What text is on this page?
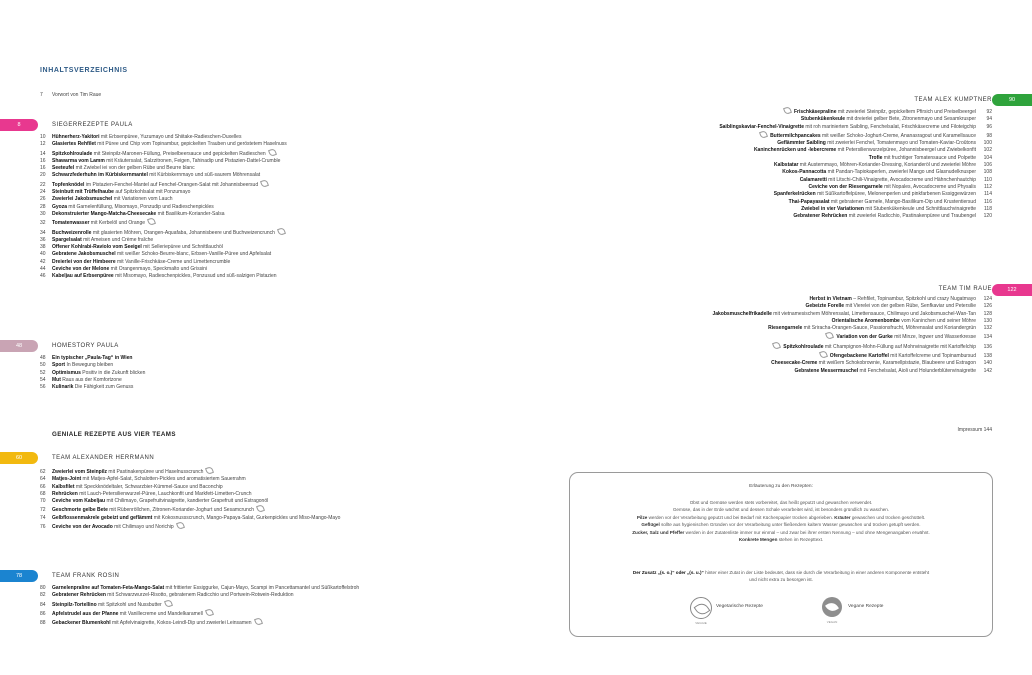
INHALTSVERZEICHNIS
7 Vorwort von Tim Raue
8	SIEGERREZEPTE PAULA
10 Hühnerherz-Yakitori mit Erbsenpüree, Yuzumayo und Shiitake-Radieschen-Duxelles
12 Glasiertes Rehfilet mit Püree und Chip vom Topinambur, gepickelten Trauben und geröstetem Haselnuss
14 Spitzkohlroulade mit Steinpilz-Maronen-Füllung, Preiselbeersauce und gepickelten Radieschen
16 Shawarma vom Lamm mit Kräutersalat, Salzzitronen, Feigen, Tahinadip und Pistazien-Dattel-Crumble
16 Seeteufel mit Zwiebel iei von der gelben Rübe und Beurre blanc
20 Schwarzfederhuhn im Kürbiskernmantel mit Kürbiskernmayo und süß-saurem Möhrensalat
22 Topfenknödel im Pistazien-Fenchel-Mantel auf Fenchel-Orangen-Salat mit Johannisbeersud
24 Steinbutt mit Trüffelhaube auf Spitzkohlsalat mit Ponzumayo
26 Zweierlei Jakobsmuschel mit Variationen vom Lauch
28 Gyoza mit Garnelenfüllung, Misomayo, Ponzudip und Radieschenpickles
30 Dekonstruierter Mango-Matcha-Cheesecake mit Basilikum-Koriander-Salsa
32 Tomatenwasser mit Kerbelöl und Orange
34 Buchweizenrolle mit glasierten Möhren, Orangen-Aquafaba, Johannisbeere und Buchweizencrunch
36 Spargelsalat mit Ameisen und Crème fraîche
38 Offener Kohlrabi-Raviolo vom Seeigel mit Selleriepüree und Schnittlauchöl
40 Gebratene Jakobsmuschel mit weißer Schoko-Beurre-blanc, Erbsen-Vanille-Püree und Apfelsalat
42 Dreierlei von der Himbeere mit Vanille-Frischkäse-Creme und Limettencrumble
44 Ceviche von der Melone mit Orangenmayo, Speckmalto und Grissini
46 Kabeljau auf Erbsenpüree mit Misomayo, Radieschenpickles, Ponzusud und süß-salzigen Pistazien
48	HOMESTORY PAULA
48 Ein typischer „Paula-Tag“ in Wien
50 Sport In Bewegung bleiben
52 Optimismus Positiv in die Zukunft blicken
54 Mut Raus aus der Komfortzone
56 Kulinarik Die Fähigkeit zum Genuss
GENIALE REZEPTE AUS VIER TEAMS
60	TEAM ALEXANDER HERRMANN
62 Zweierlei vom Steinpilz mit Pastinakenpüree und Haselnusscrunch
64 Matjes-Joint mit Matjes-Apfel-Salat, Schalotten-Pickles und aromatisiertem Sauerrahm
66 Kalbsfilet mit Speckknödeltaler, Schwarzbier-Kümmel-Sauce und Baconchip
68 Rehrücken mit Lauch-Petersilienwurzel-Püree, Lauchkonfit und Markfett-Limetten-Crunch
70 Ceviche vom Kabeljau mit Chilimayo, Grapefruitvinaigrette, kandierter Grapefruit und Estragonöl
72 Geschmorte gelbe Bete mit Rübenröllchen, Zitronen-Koriander-Joghurt und Sesamcrunch
74 Gelbflossenmakrele gebeizt und geflämmt mit Kokosnussscrunch, Mango-Papaya-Salat, Gurkenpickles und Miso-Mango-Mayo
76 Ceviche von der Avocado mit Chilimayo und Norichip
78	TEAM FRANK ROSIN
80 Garnelenpraline auf Tomaten-Feta-Mango-Salat mit frittierter Essiggurke, Cajun-Mayo, Scampi im Pancettamantel und Süßkartoffelstroh
82 Gebratener Rehrücken mit Schwarzwurzel-Risotto, gebratenem Radicchio und Portwein-Rotwein-Reduktion
84 Steinpilz-Tortellino mit Spitzkohl und Nussbutter
86 Apfelstrudel aus der Pfanne mit Vanillecreme und Mandelkaramell
88 Gebackener Blumenkohl mit Apfelvinaigrette, Kokos-Leindl-Dip und zweierlei Leinsamen
90
TEAM ALEX KUMPTNER
Frischkäsepraline mit zweierlei Steinpilz, gepickeltem Pfirsich und Preiselbeergel 92
Stubenkükenkeule mit dreierlei gelber Bete, Zitronenmayo und Sesamkrusper 94
Saiblingskaviar-Fenchel-Vinaigrette mit roh mariniertem Saibling, Fenchelsalat, Frischkäsecreme und Filoteigchip 96
Buttermilchpancakes mit weißer Schoko-Joghurt-Creme, Ananasragout und Karamellsauce 98
Geflämmter Saibling mit zweierlei Fenchel, Tomatenmayo und Tomaten-Kaviar-Croûtons 100
Kaninchenrücken und -lebercreme mit Petersilienwurzelpüree, Johannisbeergel und Zwiebelkonfit 102
Trofie mit fruchtiger Tomatensauce und Polpette 104
Kalbstatar mit Austernmayo, Möhren-Koriander-Dressing, Korianderöl und zweierlei Möhre 106
Kokos-Pannacotta mit Pandan-Tapiokaperlen, zweierlei Mango und Glasnudelknusper 108
Calamaretti mit Litschi-Chili-Vinaigrette, Avocadocreme und Hähnchenhautchip 110
Ceviche von der Riesengarnele mit Nopales, Avocadocreme und Physalis 112
Spanferkelrücken mit Süßkartoffelpüree, Melonenperlen und pinkfarbenen Essiggewürzen 114
Thai-Papayasalat mit gebratener Garnele, Mango-Basilikum-Dip und Krustentiersud 116
Zwiebel in vier Variationen mit Stubenkükenkeule und Schnittlauchvinaigrette 118
Gebratener Rehrücken mit zweierlei Radicchio, Pastinakenpüree und Traubengel 120
122
TEAM TIM RAUE
Herbst in Vietnam – Rehfilet, Topinambur, Spitzkohl und crazy Nugatmayo 124
Gebeizte Forelle mit Vierelei von der gelben Rübe, Senfkaviar und Petersilie 126
Jakobsmuschelfrikadelle mit vietnamesischem Möhrensalat, Limettensauce, Chilimayo und Jakobsmuschel-Wan-Tan 128
Orientalische Aromenbombe vom Kaninchen und seiner Möhre 130
Riesengarnele mit Srirach​a-Orangen-Sauce, Passionsfrucht, Möhrensalat und Koriandergrün 132
Variation von der Gurke mit Minze, Ingwer und Wasserkresse 134
Spitzkohlroulade mit Champignon-Mohn-Füllung auf Mohnvinaigrette mit Kartoffelchip 136
Ofengebackene Kartoffel mit Kartoffelcreme und Topinambursud 138
Cheesecake-Creme mit weißem Schokobrownie, Karamellpistazie, Blaubeere und Estragon 140
Gebratene Messermuschel mit Fenchelsalat, Aioli und Holunderblütenvinaigrette 142
Impressum 144
Erläuterung zu den Rezepten:
Obst und Gemüse werden stets vorbereitet, das heißt geputzt und gewaschen verwendet.
Gemüse, das in der Erde wächst und dessen Schale verarbeitet wird, ist besonders gründlich zu waschen.
Pilze werden vor der Verarbeitung geputzt und bei Bedarf mit Küchenpapier trocken abgerieben. Kräuter gewaschen und trocken geschüttelt.
Geflügel sollte aus hygienischen Gründen vor der Verarbeitung unter fließendem kaltem Wasser gewaschen und trocken getupft werden.
Zucker, Salz und Pfeffer werden in der Zutatenliste immer nur einmal – und zwar bei ihrer ersten Nennung – und ohne Mengenangaben erwähnt.
Konkrete Mengen stehen im Rezepttext.
Der Zusatz „(s. o.)“ oder „(s. u.)“ hinter einer Zutat in der Liste bedeutet, dass sie durch die Verarbeitung in einer anderen Komponente entsteht
und nicht extra zu besorgen ist.
VEGGIE
Vegetarische Rezepte
VEGAN
Vegane Rezepte
